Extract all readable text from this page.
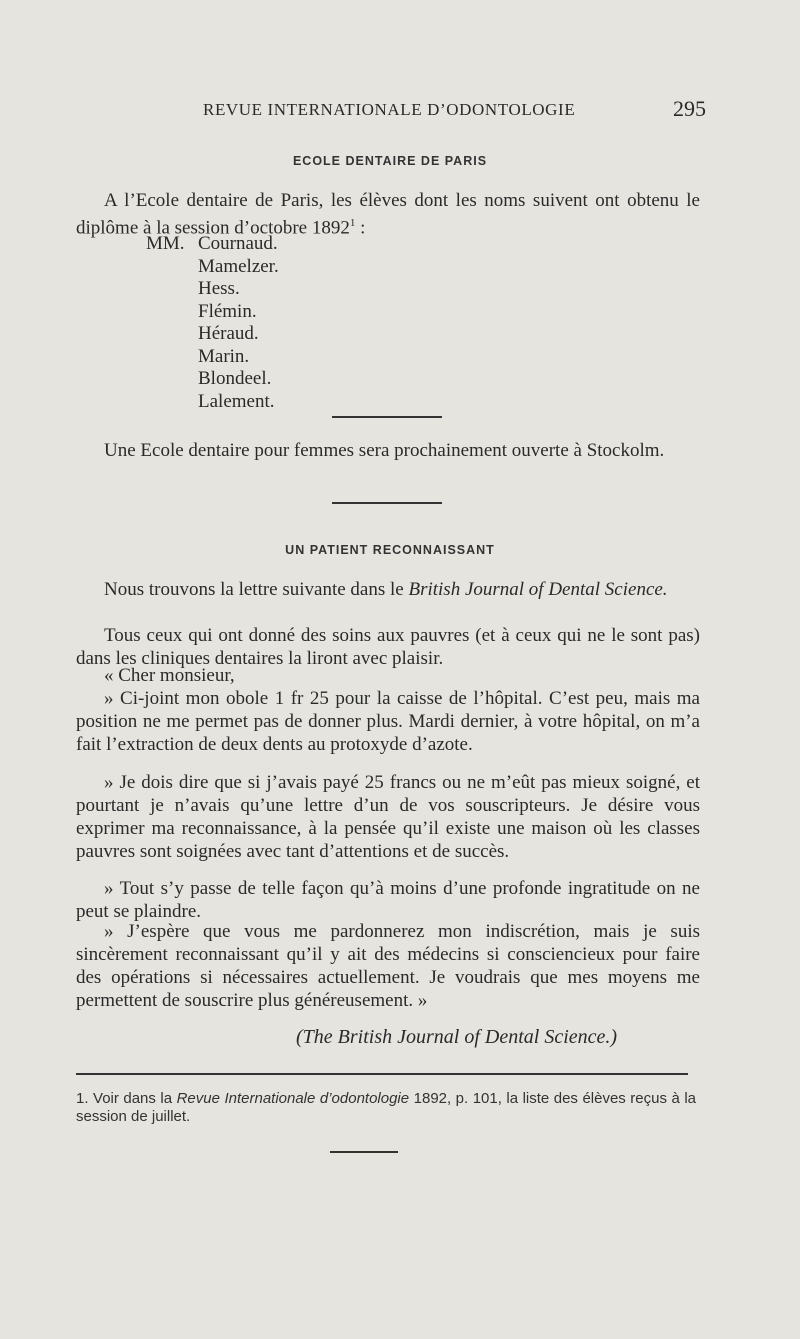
REVUE INTERNATIONALE D’ODONTOLOGIE	295
ECOLE DENTAIRE DE PARIS

A l’Ecole dentaire de Paris, les élèves dont les noms suivent ont obtenu le diplôme à la session d’octobre 1892$^1$ :

MM. Cournaud.
Mamelzer.
Hess.
Flémin.
Héraud.
Marin.
Blondeel.
Lalement.

Une Ecole dentaire pour femmes sera prochainement ouverte à Stockolm.

UN PATIENT RECONNAISSANT

Nous trouvons la lettre suivante dans le British Journal of Dental Science.

Tous ceux qui ont donné des soins aux pauvres (et à ceux qui ne le sont pas) dans les cliniques dentaires la liront avec plaisir.

« Cher monsieur,

» Ci-joint mon obole 1 fr 25 pour la caisse de l’hôpital. C’est peu, mais ma position ne me permet pas de donner plus. Mardi dernier, à votre hôpital, on m’a fait l’extraction de deux dents au protoxyde d’azote.

» Je dois dire que si j’avais payé 25 francs ou ne m’eût pas mieux soigné, et pourtant je n’avais qu’une lettre d’un de vos souscripteurs. Je désire vous exprimer ma reconnaissance, à la pensée qu’il existe une maison où les classes pauvres sont soignées avec tant d’attentions et de succès.

» Tout s’y passe de telle façon qu’à moins d’une profonde ingratitude on ne peut se plaindre.

» J’espère que vous me pardonnerez mon indiscrétion, mais je suis sincèrement reconnaissant qu’il y ait des médecins si consciencieux pour faire des opérations si nécessaires actuellement. Je voudrais que mes moyens me permettent de souscrire plus généreusement. »

(The British Journal of Dental Science.)

1. Voir dans la Revue Internationale d’odontologie 1892, p. 101, la liste des élèves reçus à la session de juillet.
